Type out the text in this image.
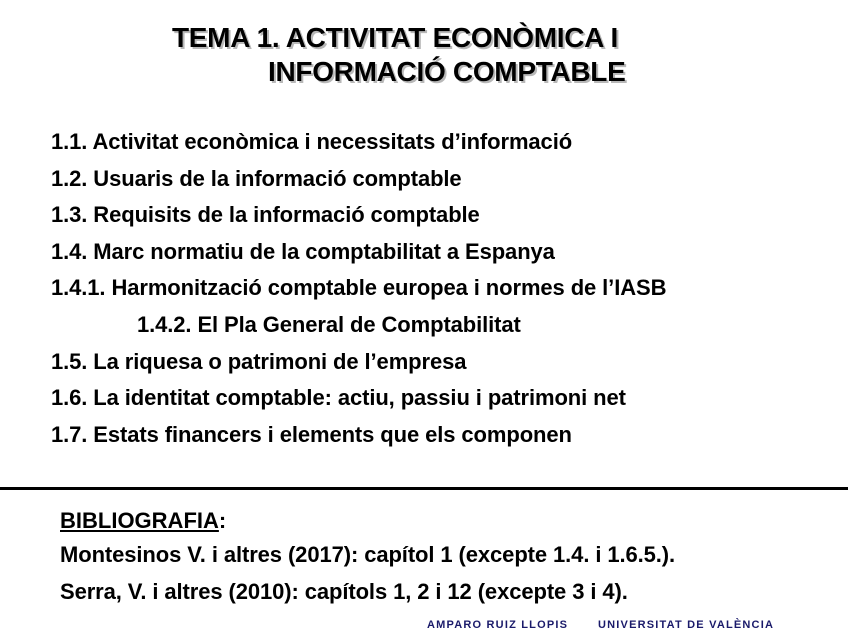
TEMA 1. ACTIVITAT ECONÒMICA I
INFORMACIÓ COMPTABLE
1.1. Activitat econòmica i necessitats d’informació
1.2. Usuaris de la informació comptable
1.3. Requisits de la informació comptable
1.4. Marc normatiu de la comptabilitat a Espanya
1.4.1. Harmonització comptable europea i normes de l’IASB
1.4.2. El Pla General de Comptabilitat
1.5. La riquesa o patrimoni de l’empresa
1.6. La identitat comptable: actiu, passiu i patrimoni net
1.7. Estats financers i elements que els componen
BIBLIOGRAFIA:
Montesinos V. i altres (2017): capítol 1 (excepte 1.4. i 1.6.5.).
Serra, V. i altres (2010): capítols 1, 2 i 12 (excepte 3 i 4).
AMPARO RUIZ LLOPIS	UNIVERSITAT DE VALÈNCIA
